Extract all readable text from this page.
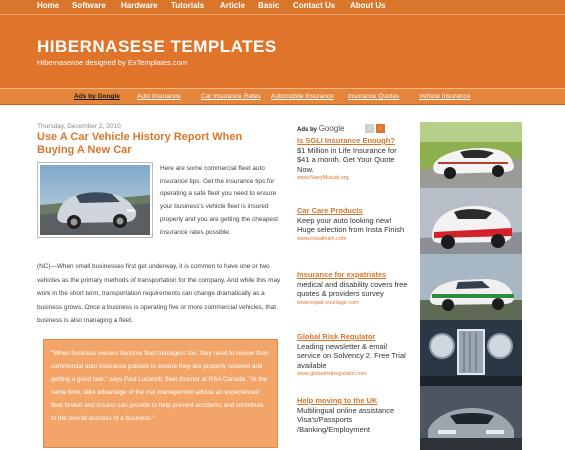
Home Software Hardware Tutorials Article Basic Contact Us About Us
HIBERNASESE TEMPLATES
Hibernasense designed by ExTemplates.com
Ads by Google	Auto Insurance	Car Insurance Rates Automobile Insurance Insurance Quotes	Vehicle Insurance
Thursday, December 2, 2010
Use A Car Vehicle History Report When Buying A New Car
Here are some commercial fleet auto insurance tips. Get the insurance tips for operating a safe fleet you need to ensure your business's vehicle fleet is insured properly and you are getting the cheapest insurance rates possible.
(NC)—When small businesses first get underway, it is common to have one or two vehicles as the primary methods of transportation for the company. And while this may work in the short term, transportation requirements can change dramatically as a business grows. Once a business is operating five or more commercial vehicles, that business is also managing a fleet.
"When business owners become fleet managers too, they need to review their commercial auto insurance policies to ensure they are properly covered and getting a good rate," says Paul Lucarelli, fleet director at RSA Canada. "At the same time, take advantage of the risk management advice an experienced fleet broker and insurer can provide to help prevent accidents and contribute to the overall success of a business."
Ads by Google	‹	›
Is SGLI Insurance Enough?
$1 Million in Life Insurance for $41 a month. Get Your Quote Now.
www.NavyMutual.org
Car Care Products
Keep your auto looking new! Huge selection from Insta Finish
www.instafinish.com
Insurance for expatriates
medical and disability covers free quotes & providers survey
www.expat-courtage.com
Global Risk Regulator
Leading newsletter & email service on Solvency 2. Free Trial available
www.globalriskregulator.com
Help moving to the UK
Multilingual online assistance Visa's/Passports /Banking/Employment
